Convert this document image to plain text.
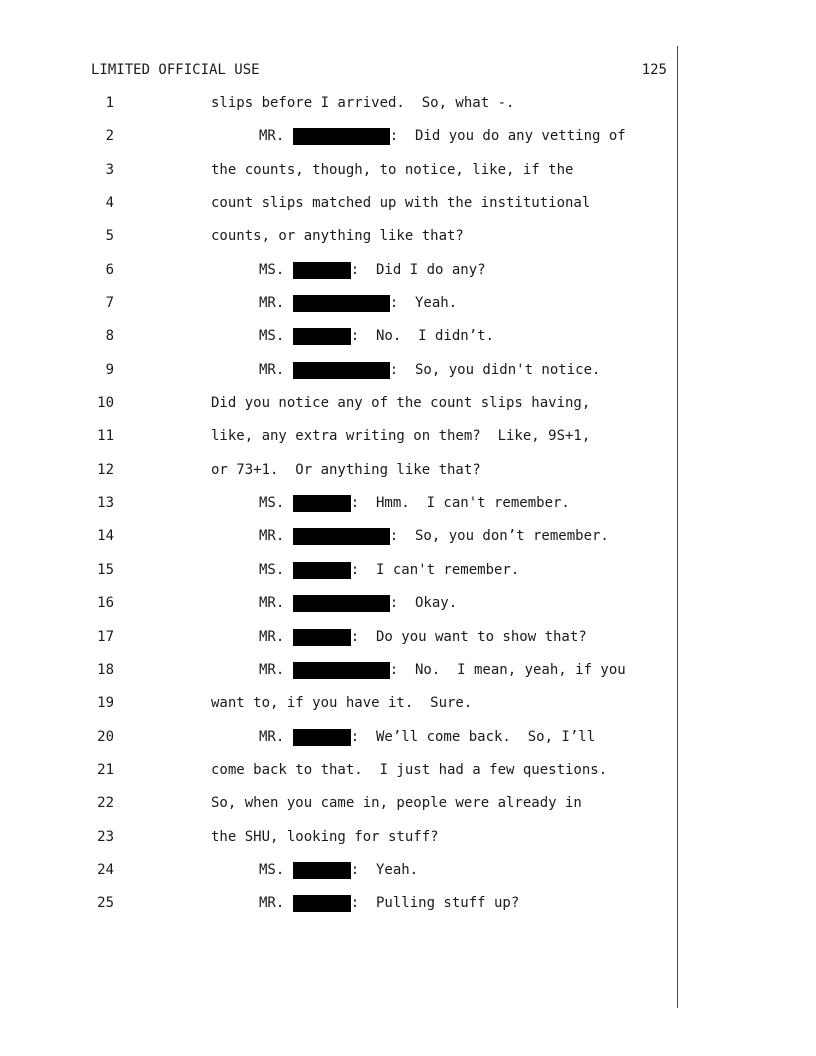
LIMITED OFFICIAL USE	125
1	slips before I arrived.  So, what -.
2	MR.	:  Did you do any vetting of
3	the counts, though, to notice, like, if the
4	count slips matched up with the institutional
5	counts, or anything like that?
6	MS.	:  Did I do any?
7	MR.	:  Yeah.
8	MS.	:  No.  I didn’t.
9	MR.	:  So, you didn't notice.
10	Did you notice any of the count slips having,
11	like, any extra writing on them?  Like, 9S+1,
12	or 73+1.  Or anything like that?
13	MS.	:  Hmm.  I can't remember.
14	MR.	:  So, you don’t remember.
15	MS.	:  I can't remember.
16	MR.	:  Okay.
17	MR.	:  Do you want to show that?
18	MR.	:  No.  I mean, yeah, if you
19	want to, if you have it.  Sure.
20	MR.	:  We’ll come back.  So, I’ll
21	come back to that.  I just had a few questions.
22	So, when you came in, people were already in
23	the SHU, looking for stuff?
24	MS.	:  Yeah.
25	MR.	:  Pulling stuff up?
